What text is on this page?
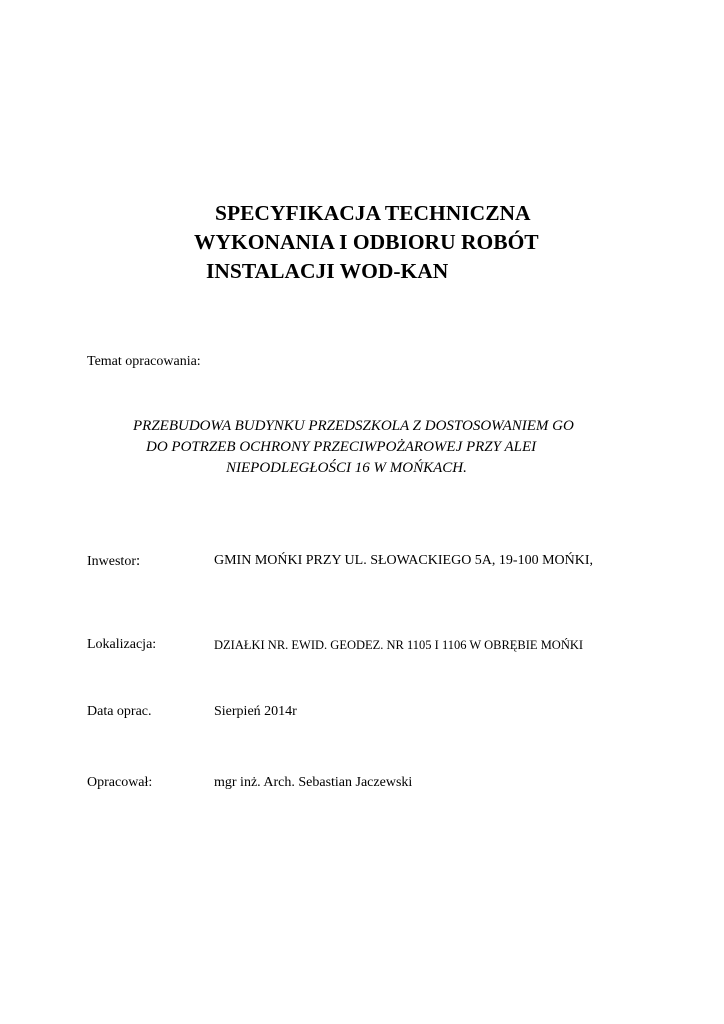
SPECYFIKACJA TECHNICZNA
WYKONANIA I ODBIORU ROBÓT
INSTALACJI WOD-KAN
Temat opracowania:
PRZEBUDOWA BUDYNKU PRZEDSZKOLA Z DOSTOSOWANIEM GO
DO POTRZEB OCHRONY PRZECIWPOŻAROWEJ PRZY ALEI
NIEPODLEGŁOŚCI 16 W MOŃKACH.
Inwestor:	GMIN MOŃKI PRZY UL. SŁOWACKIEGO 5A, 19-100 MOŃKI,
Lokalizacja:	DZIAŁKI NR. EWID. GEODEZ. NR 1105 I 1106 W OBRĘBIE MOŃKI
Data oprac.	Sierpień 2014r
Opracował:	mgr inż. Arch. Sebastian Jaczewski
